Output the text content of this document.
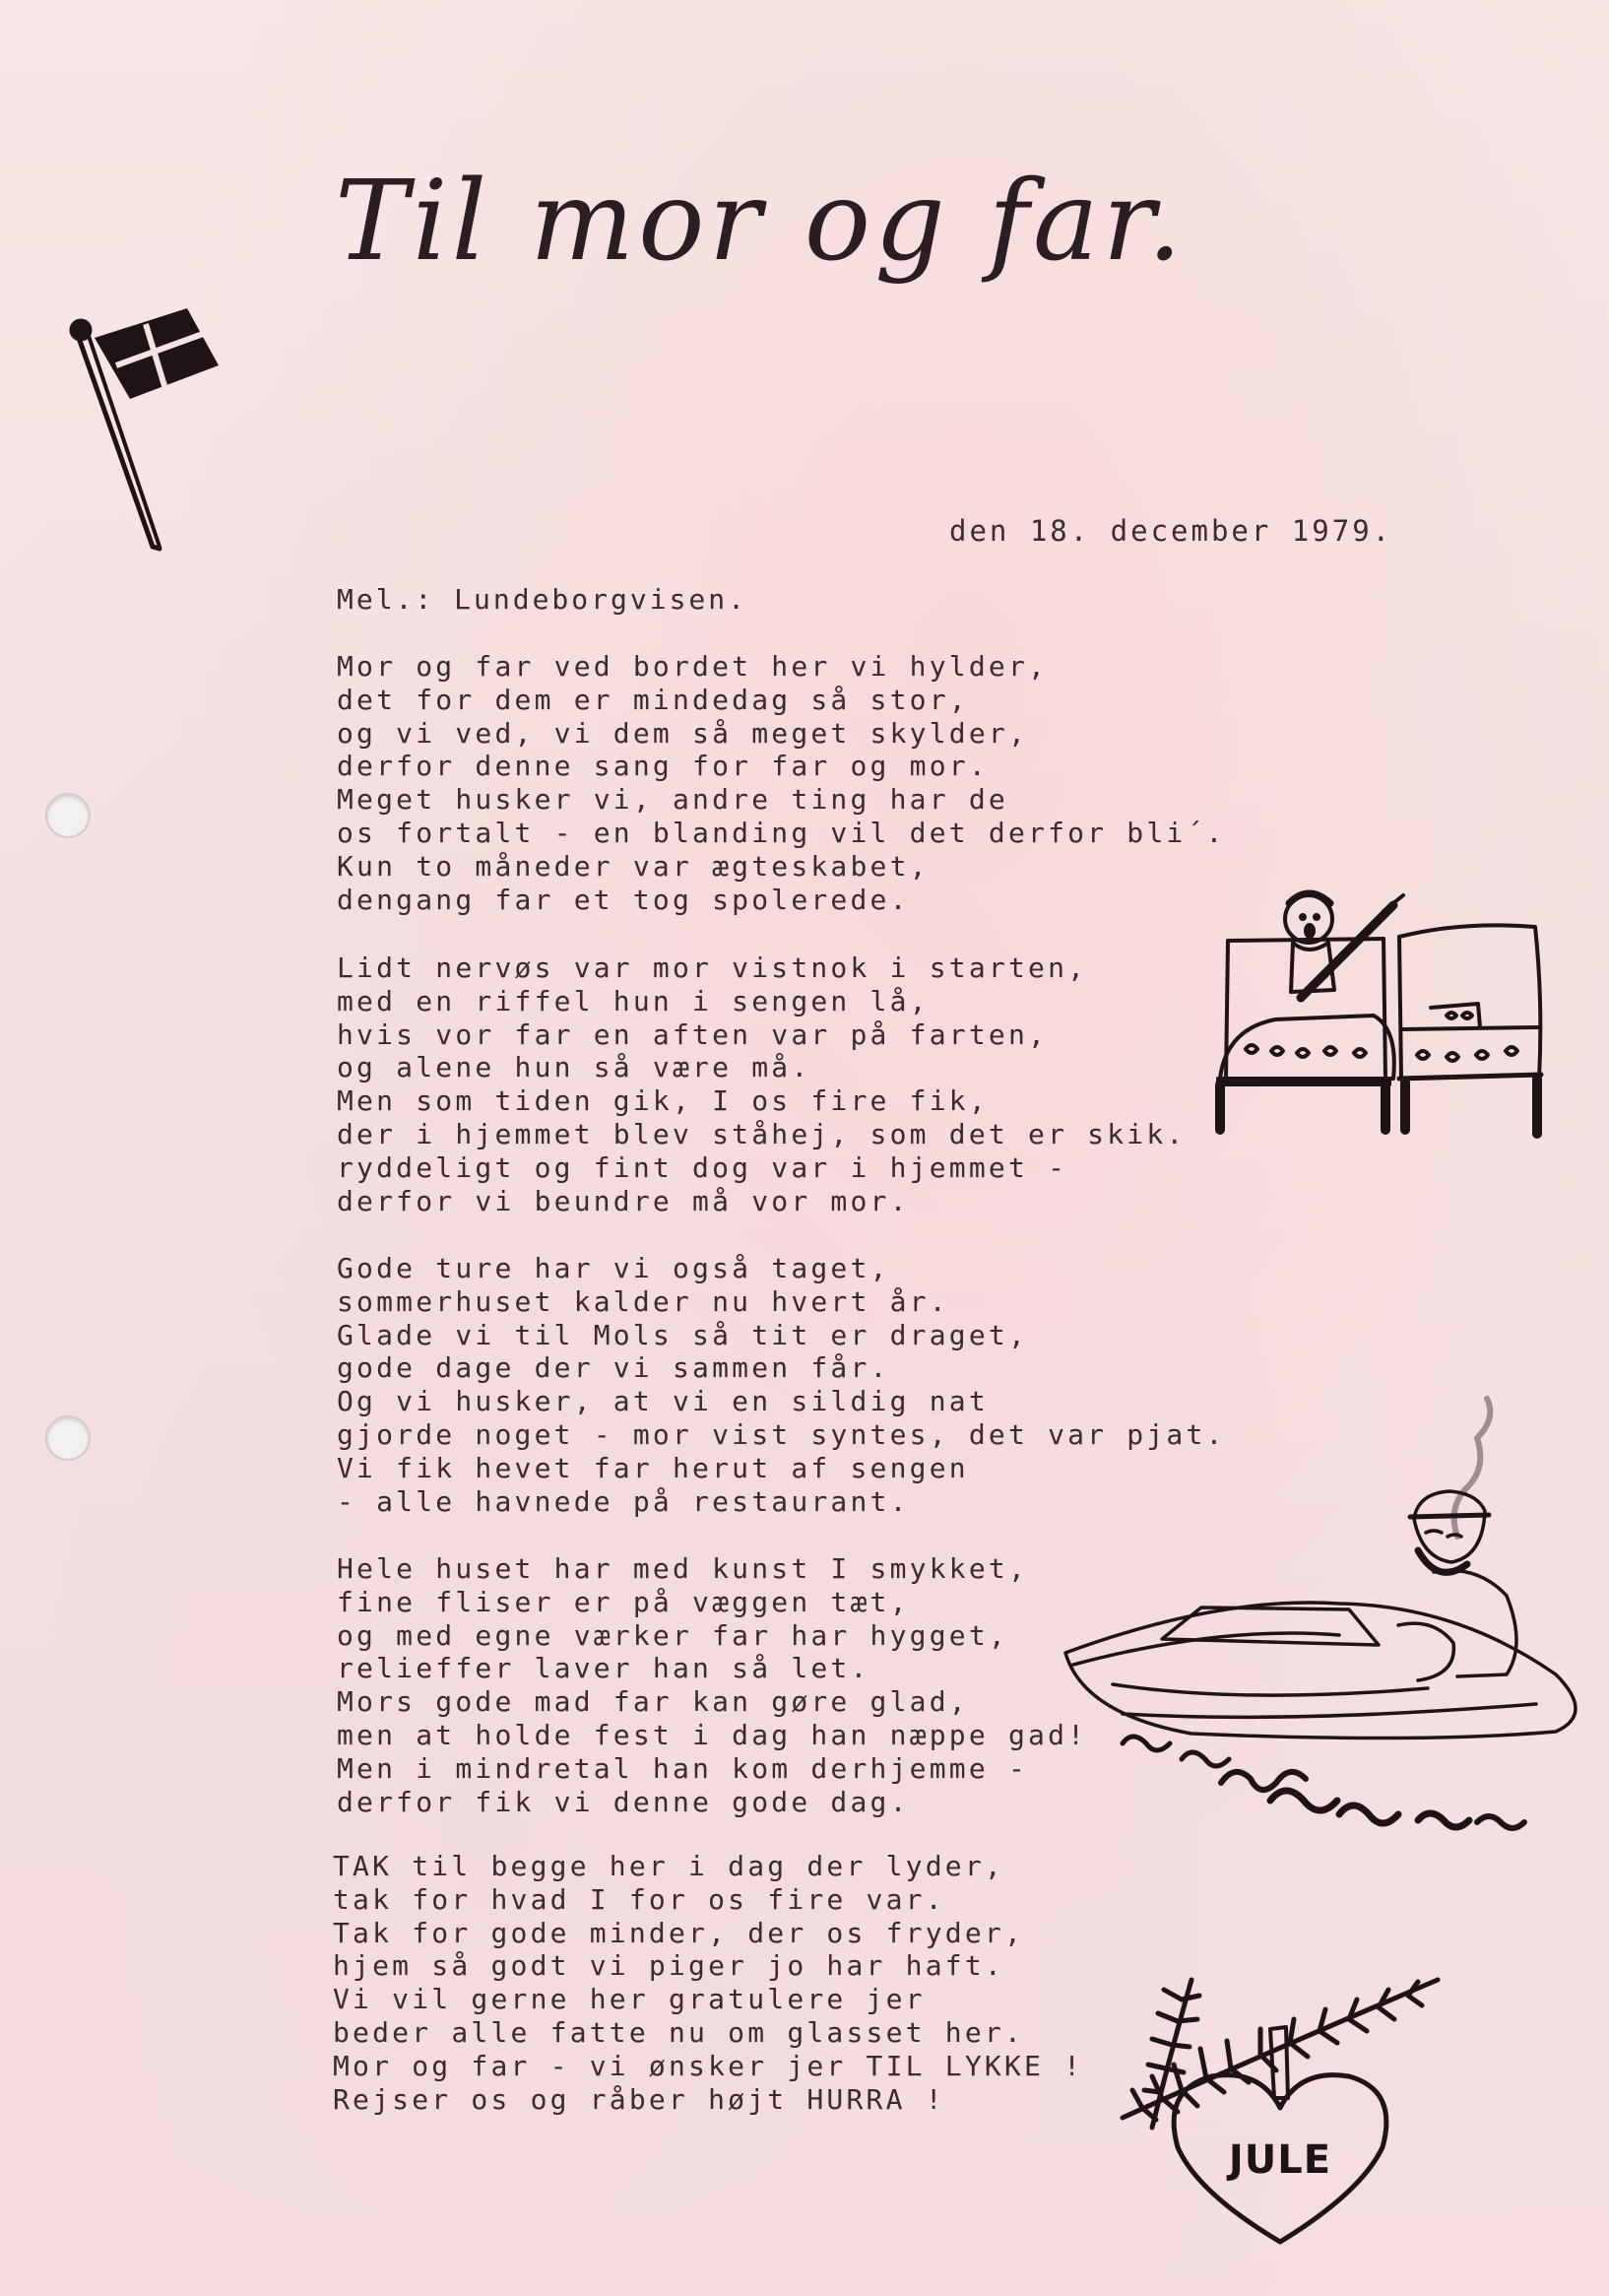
Til mor og far.
den 18. december 1979.
Mel.: Lundeborgvisen.
Mor og far ved bordet her vi hylder,
det for dem er mindedag så stor,
og vi ved, vi dem så meget skylder,
derfor denne sang for far og mor.
Meget husker vi, andre ting har de
os fortalt - en blanding vil det derfor bli´.
Kun to måneder var ægteskabet,
dengang far et tog spolerede.
Lidt nervøs var mor vistnok i starten,
med en riffel hun i sengen lå,
hvis vor far en aften var på farten,
og alene hun så være må.
Men som tiden gik, I os fire fik,
der i hjemmet blev ståhej, som det er skik.
ryddeligt og fint dog var i hjemmet -
derfor vi beundre må vor mor.
Gode ture har vi også taget,
sommerhuset kalder nu hvert år.
Glade vi til Mols så tit er draget,
gode dage der vi sammen får.
Og vi husker, at vi en sildig nat
gjorde noget - mor vist syntes, det var pjat.
Vi fik hevet far herut af sengen
- alle havnede på restaurant.
Hele huset har med kunst I smykket,
fine fliser er på væggen tæt,
og med egne værker far har hygget,
relieffer laver han så let.
Mors gode mad far kan gøre glad,
men at holde fest i dag han næppe gad!
Men i mindretal han kom derhjemme -
derfor fik vi denne gode dag.
TAK til begge her i dag der lyder,
tak for hvad I for os fire var.
Tak for gode minder, der os fryder,
hjem så godt vi piger jo har haft.
Vi vil gerne her gratulere jer
beder alle fatte nu om glasset her.
Mor og far - vi ønsker jer TIL LYKKE !
Rejser os og råber højt HURRA !
JULE
